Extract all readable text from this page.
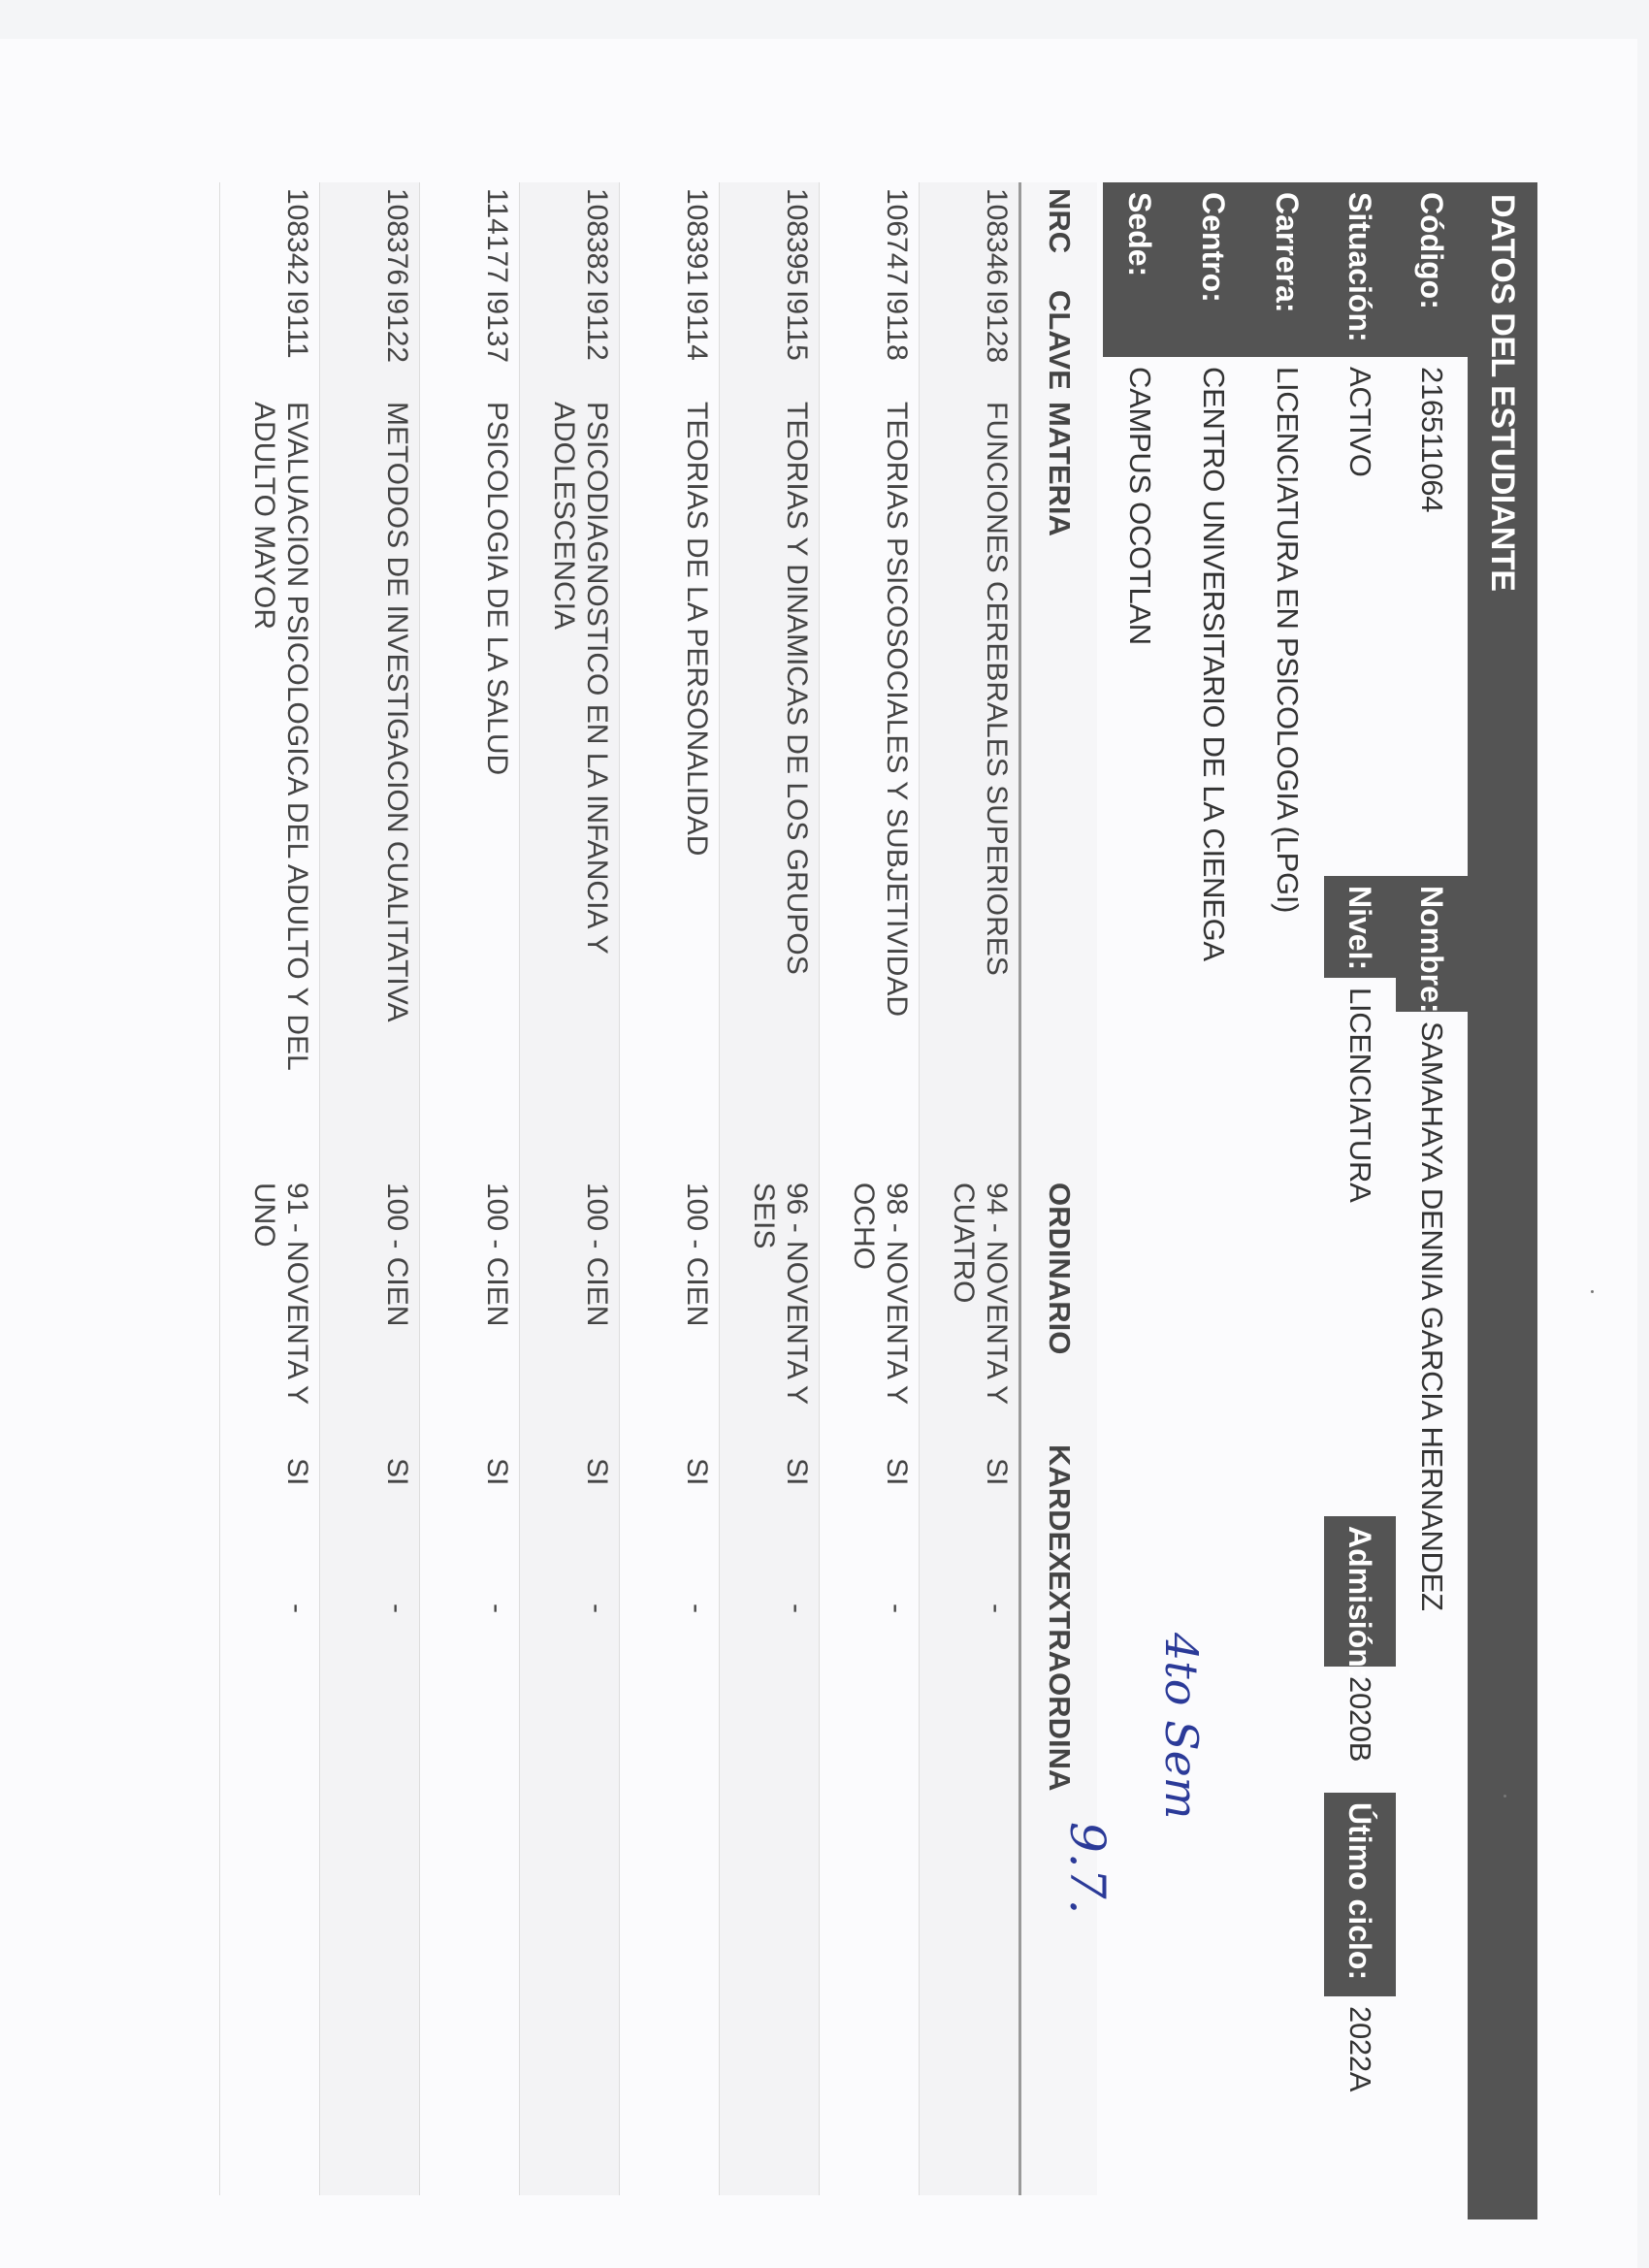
DATOS DEL ESTUDIANTE
Código:
216511064
Nombre:
SAMAHAYA DENNIA GARCIA HERNANDEZ
Situación:
ACTIVO
Nivel:
LICENCIATURA
Admisión:
2020B
Útimo ciclo:
2022A
Carrera:
LICENCIATURA EN PSICOLOGIA (LPGI)
Centro:
CENTRO UNIVERSITARIO DE LA CIENEGA
Sede:
CAMPUS OCOTLAN
NRC	CLAVE	MATERIA	ORDINARIO	KARDEX	EXTRAORDINA
108346	I9128	FUNCIONES CEREBRALES SUPERIORES	94 - NOVENTA Y CUATRO	SI	-
106747	I9118	TEORIAS PSICOSOCIALES Y SUBJETIVIDAD	98 - NOVENTA Y OCHO	SI	-
108395	I9115	TEORIAS Y DINAMICAS DE LOS GRUPOS	96 - NOVENTA Y SEIS	SI	-
108391	I9114	TEORIAS DE LA PERSONALIDAD	100 - CIEN	SI	-
108382	I9112	PSICODIAGNOSTICO EN LA INFANCIA Y ADOLESCENCIA	100 - CIEN	SI	-
114177	I9137	PSICOLOGIA DE LA SALUD	100 - CIEN	SI	-
108376	I9122	METODOS DE INVESTIGACION CUALITATIVA	100 - CIEN	SI	-
108342	I9111	EVALUACION PSICOLOGICA DEL ADULTO Y DEL ADULTO MAYOR	91 - NOVENTA Y UNO	SI	-
4to Sem
9.7.
